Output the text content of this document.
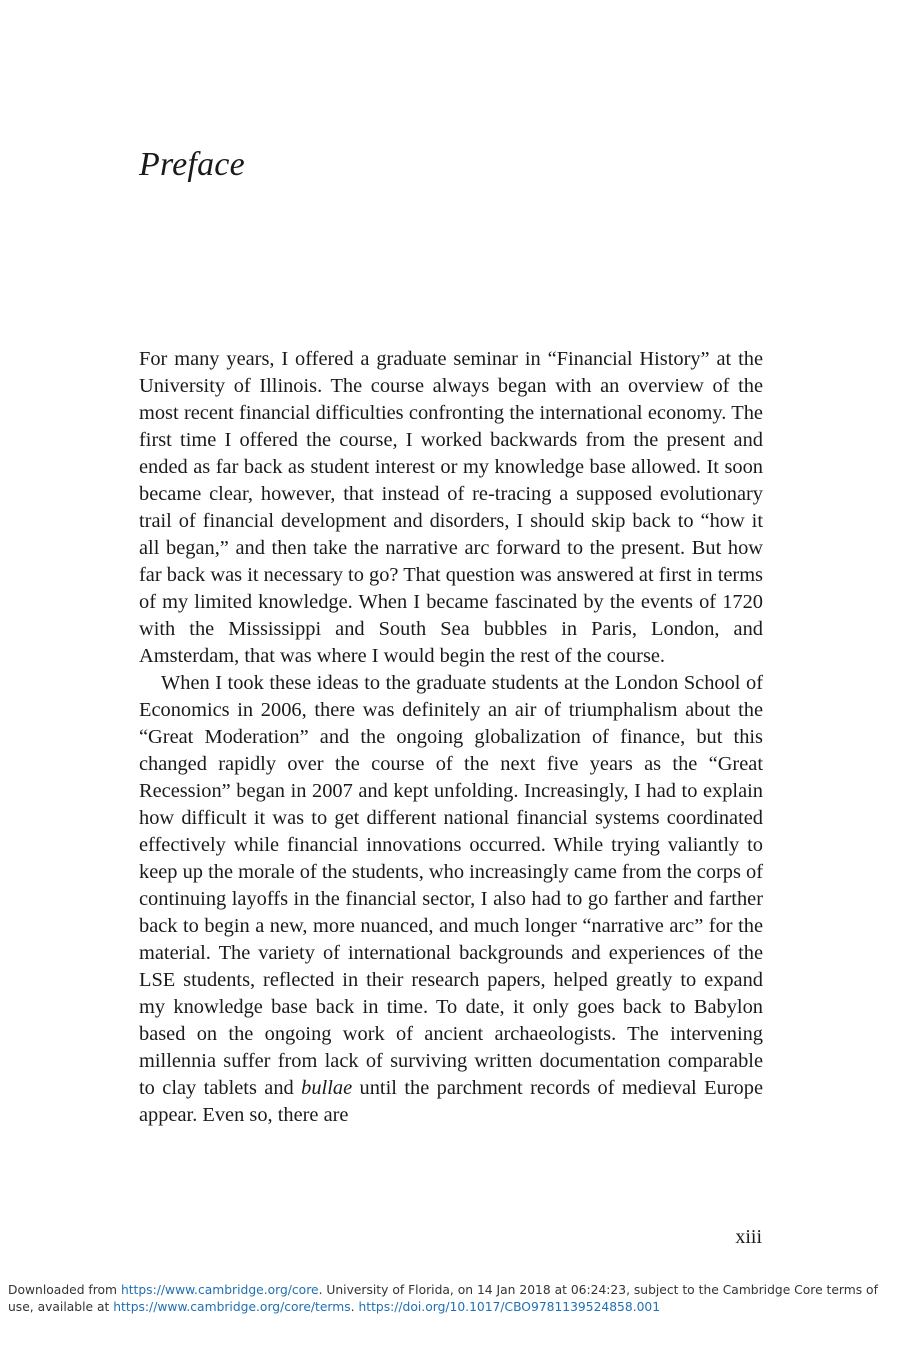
Preface

For many years, I offered a graduate seminar in “Financial History” at the University of Illinois. The course always began with an overview of the most recent financial difficulties confronting the international economy. The first time I offered the course, I worked backwards from the present and ended as far back as student interest or my knowledge base allowed. It soon became clear, however, that instead of re-tracing a supposed evolutionary trail of financial development and disorders, I should skip back to “how it all began,” and then take the narrative arc forward to the present. But how far back was it necessary to go? That question was answered at first in terms of my limited knowledge. When I became fascinated by the events of 1720 with the Mississippi and South Sea bubbles in Paris, London, and Amsterdam, that was where I would begin the rest of the course.

When I took these ideas to the graduate students at the London School of Economics in 2006, there was definitely an air of triumphalism about the “Great Moderation” and the ongoing globalization of finance, but this changed rapidly over the course of the next five years as the “Great Recession” began in 2007 and kept unfolding. Increasingly, I had to explain how difficult it was to get different national financial systems coordinated effectively while financial innovations occurred. While trying valiantly to keep up the morale of the students, who increasingly came from the corps of continuing layoffs in the financial sector, I also had to go farther and farther back to begin a new, more nuanced, and much longer “narrative arc” for the material. The variety of international backgrounds and experiences of the LSE students, reflected in their research papers, helped greatly to expand my knowledge base back in time. To date, it only goes back to Babylon based on the ongoing work of ancient archaeologists. The intervening millennia suffer from lack of surviving written documentation comparable to clay tablets and bullae until the parchment records of medieval Europe appear. Even so, there are

xiii
Downloaded from https://www.cambridge.org/core. University of Florida, on 14 Jan 2018 at 06:24:23, subject to the Cambridge Core terms of use, available at https://www.cambridge.org/core/terms. https://doi.org/10.1017/CBO9781139524858.001
